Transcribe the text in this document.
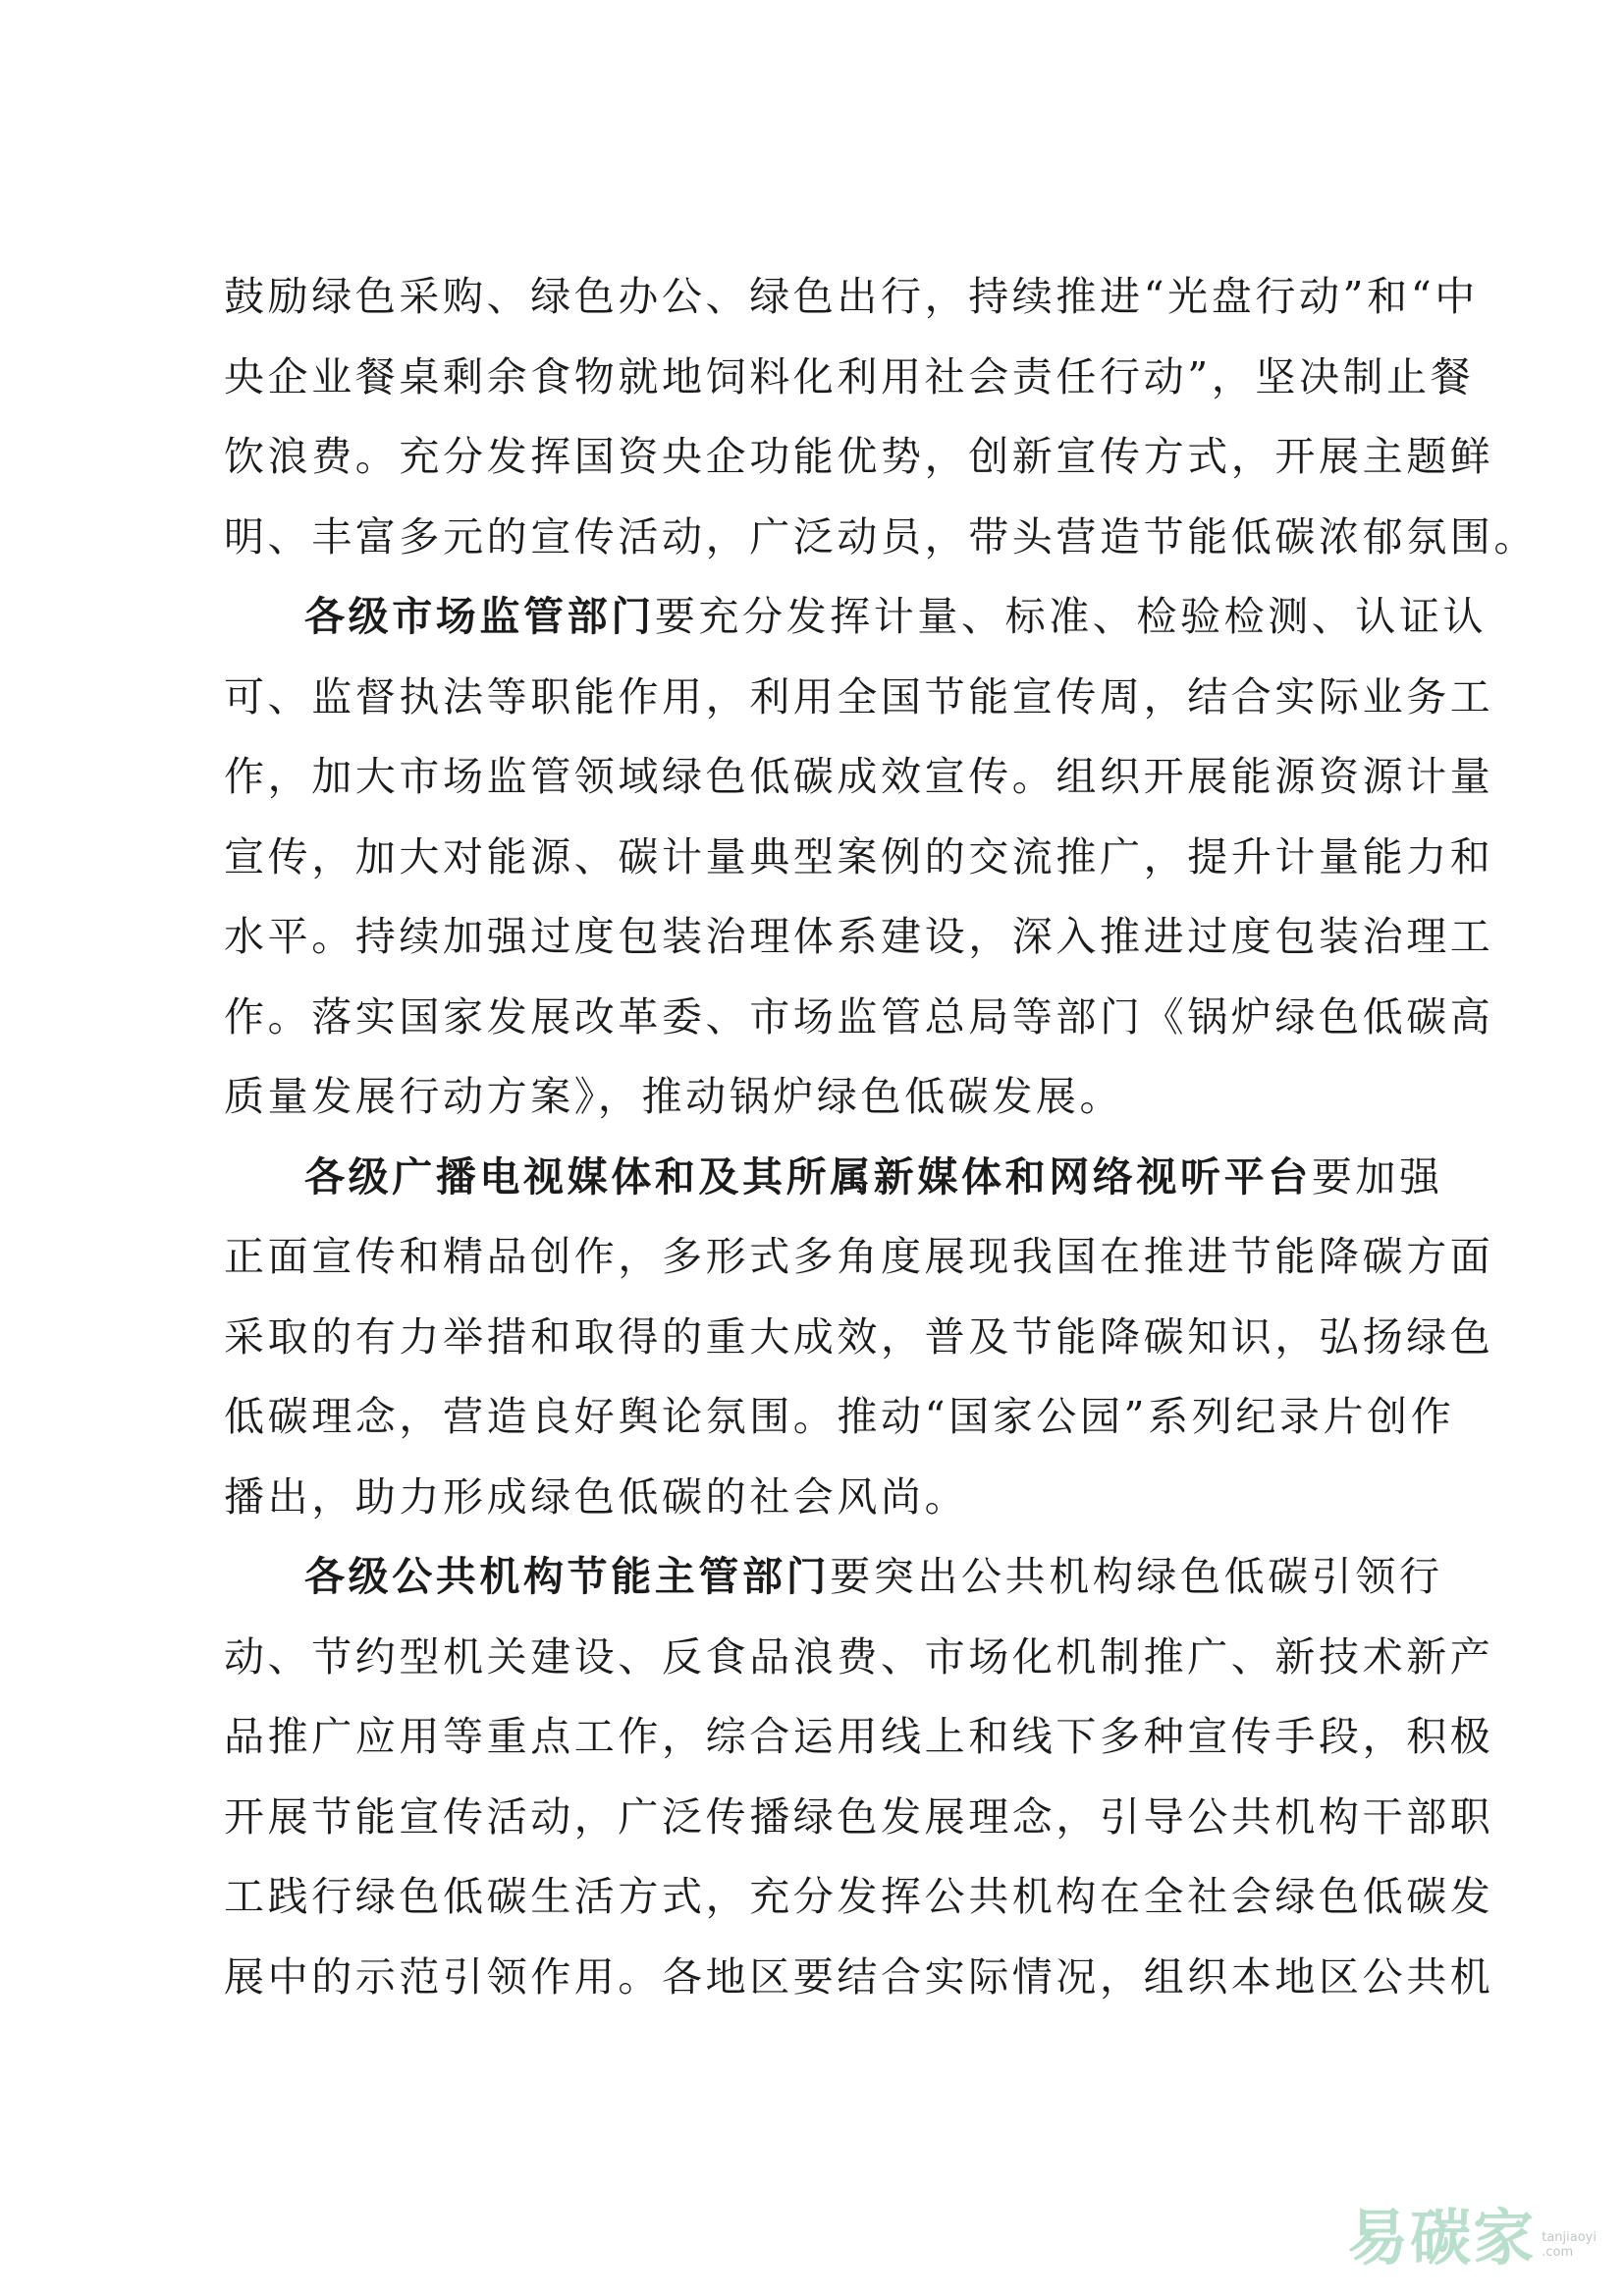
鼓励绿色采购、绿色办公、绿色出行，持续推进“光盘行动”和“中
央企业餐桌剩余食物就地饲料化利用社会责任行动”，坚决制止餐
饮浪费。充分发挥国资央企功能优势，创新宣传方式，开展主题鲜
明、丰富多元的宣传活动，广泛动员，带头营造节能低碳浓郁氛围。
各级市场监管部门要充分发挥计量、标准、检验检测、认证认
可、监督执法等职能作用，利用全国节能宣传周，结合实际业务工
作，加大市场监管领域绿色低碳成效宣传。组织开展能源资源计量
宣传，加大对能源、碳计量典型案例的交流推广，提升计量能力和
水平。持续加强过度包装治理体系建设，深入推进过度包装治理工
作。落实国家发展改革委、市场监管总局等部门《锅炉绿色低碳高
质量发展行动方案》，推动锅炉绿色低碳发展。
各级广播电视媒体和及其所属新媒体和网络视听平台要加强
正面宣传和精品创作，多形式多角度展现我国在推进节能降碳方面
采取的有力举措和取得的重大成效，普及节能降碳知识，弘扬绿色
低碳理念，营造良好舆论氛围。推动“国家公园”系列纪录片创作
播出，助力形成绿色低碳的社会风尚。
各级公共机构节能主管部门要突出公共机构绿色低碳引领行
动、节约型机关建设、反食品浪费、市场化机制推广、新技术新产
品推广应用等重点工作，综合运用线上和线下多种宣传手段，积极
开展节能宣传活动，广泛传播绿色发展理念，引导公共机构干部职
工践行绿色低碳生活方式，充分发挥公共机构在全社会绿色低碳发
展中的示范引领作用。各地区要结合实际情况，组织本地区公共机
易碳家 tanjiaoyi
.com
